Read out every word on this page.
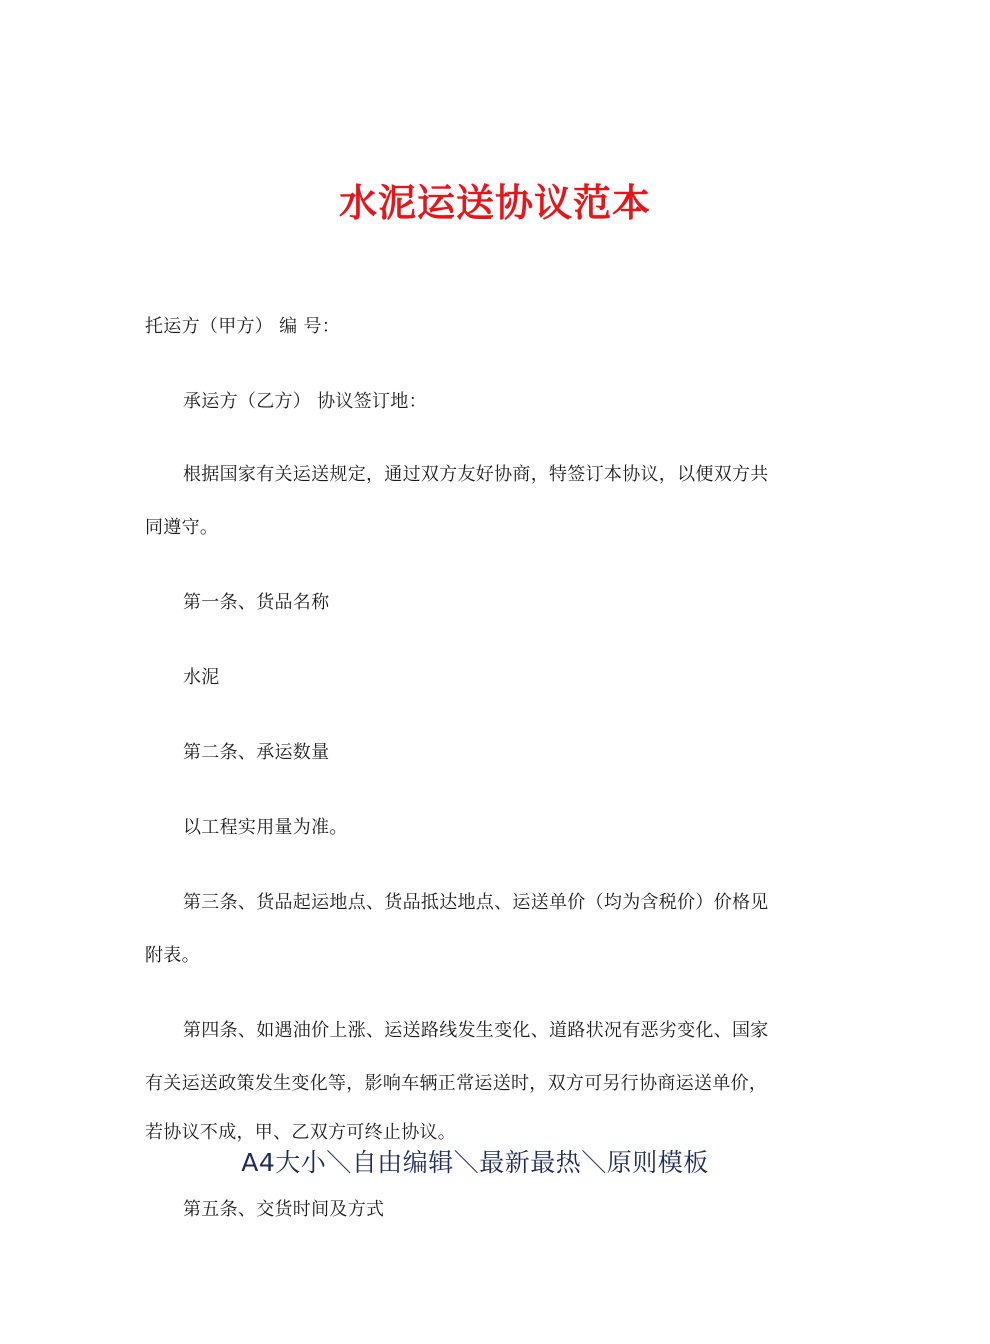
水泥运送协议范本
托运方（甲方） 编 号：
承运方（乙方） 协议签订地：
根据国家有关运送规定，通过双方友好协商，特签订本协议，以便双方共
同遵守。
第一条、货品名称
水泥
第二条、承运数量
以工程实用量为准。
第三条、货品起运地点、货品抵达地点、运送单价（均为含税价）价格见
附表。
第四条、如遇油价上涨、运送路线发生变化、道路状况有恶劣变化、国家
有关运送政策发生变化等，影响车辆正常运送时，双方可另行协商运送单价，
若协议不成，甲、乙双方可终止协议。
A4大小＼自由编辑＼最新最热＼原则模板
第五条、交货时间及方式
